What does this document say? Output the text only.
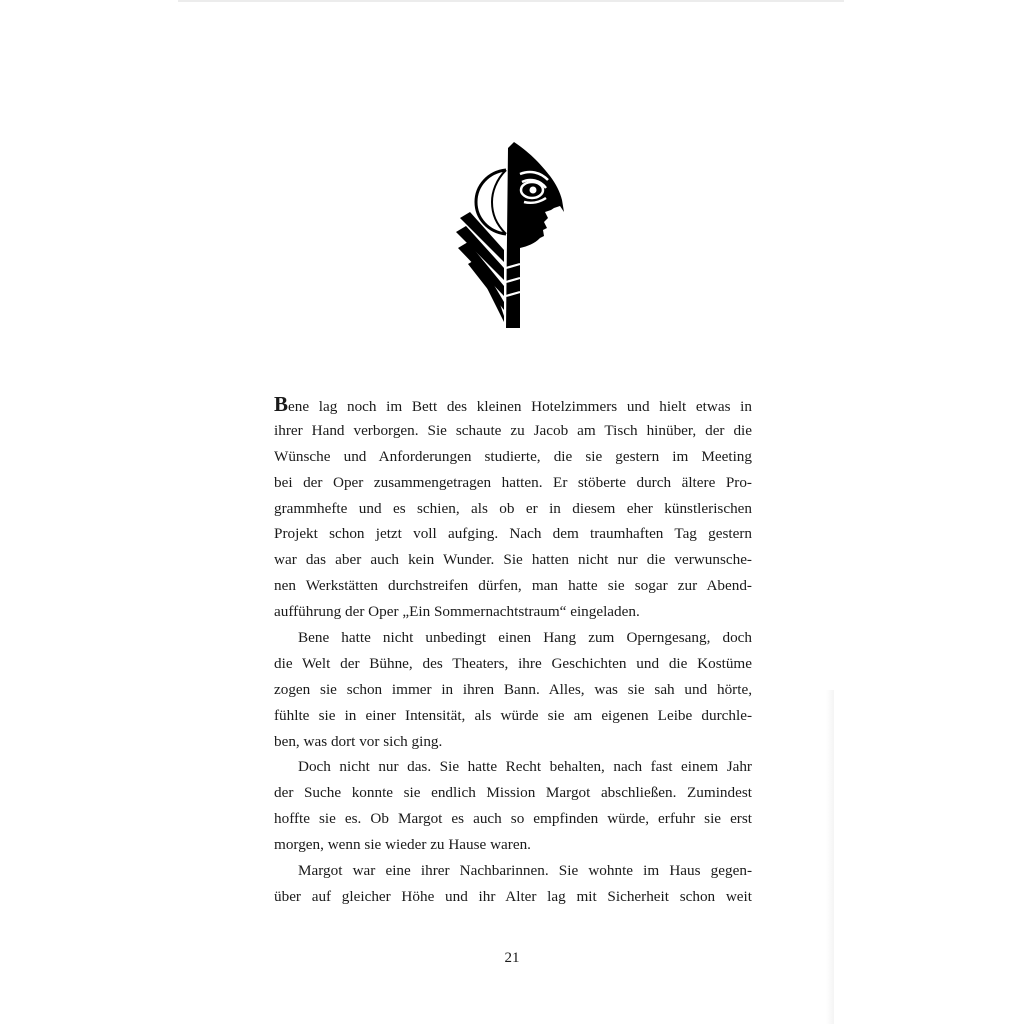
Bene lag noch im Bett des kleinen Hotelzimmers und hielt etwas in
ihrer Hand verborgen. Sie schaute zu Jacob am Tisch hinüber, der die
Wünsche und Anforderungen studierte, die sie gestern im Meeting
bei der Oper zusammengetragen hatten. Er stöberte durch ältere Pro-
grammhefte und es schien, als ob er in diesem eher künstlerischen
Projekt schon jetzt voll aufging. Nach dem traumhaften Tag gestern
war das aber auch kein Wunder. Sie hatten nicht nur die verwunsche-
nen Werkstätten durchstreifen dürfen, man hatte sie sogar zur Abend-
aufführung der Oper „Ein Sommernachtstraum“ eingeladen.
Bene hatte nicht unbedingt einen Hang zum Operngesang, doch
die Welt der Bühne, des Theaters, ihre Geschichten und die Kostüme
zogen sie schon immer in ihren Bann. Alles, was sie sah und hörte,
fühlte sie in einer Intensität, als würde sie am eigenen Leibe durchle-
ben, was dort vor sich ging.
Doch nicht nur das. Sie hatte Recht behalten, nach fast einem Jahr
der Suche konnte sie endlich Mission Margot abschließen. Zumindest
hoffte sie es. Ob Margot es auch so empfinden würde, erfuhr sie erst
morgen, wenn sie wieder zu Hause waren.
Margot war eine ihrer Nachbarinnen. Sie wohnte im Haus gegen-
über auf gleicher Höhe und ihr Alter lag mit Sicherheit schon weit
21
